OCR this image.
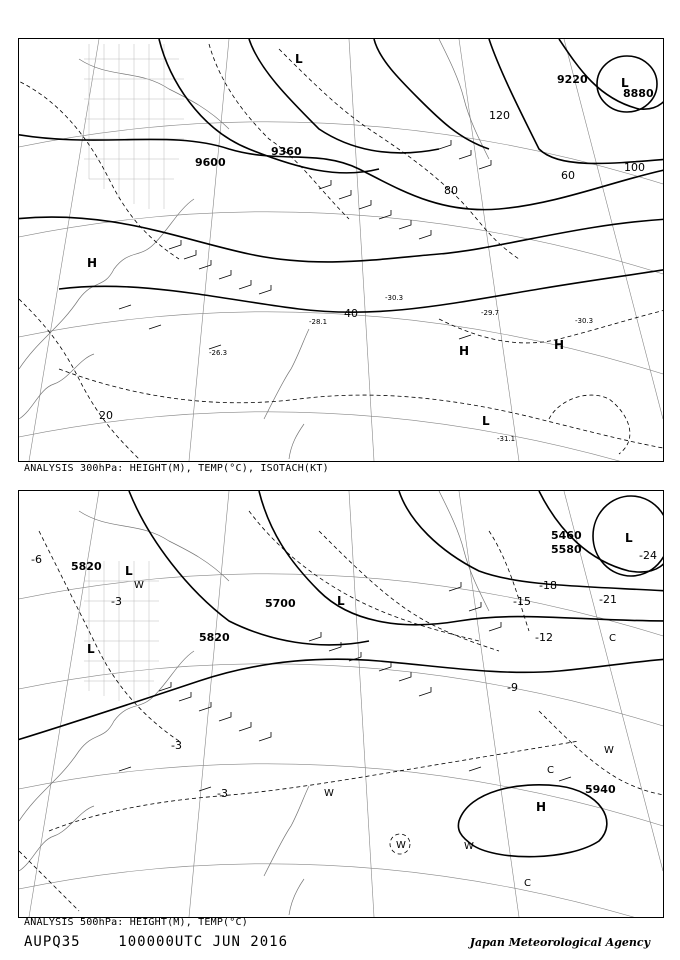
H
H	H
L
L
L
9600
9360
9220
8880
20
40
60
80
100
120
-29.7
-30.3
-30.3
-31.1
-28.1
-26.3
ANALYSIS 300hPa: HEIGHT(M), TEMP(°C), ISOTACH(KT)
H
L
L
L
L
5820
5820
5700
5580
5940
5460
-3
-3
-3
-6
-9
-12
-15
-18
-21
-24
W
W
W	W
W
C
C
C
ANALYSIS 500hPa: HEIGHT(M), TEMP(°C)
AUPQ35	100000UTC JUN 2016	Japan Meteorological Agency
